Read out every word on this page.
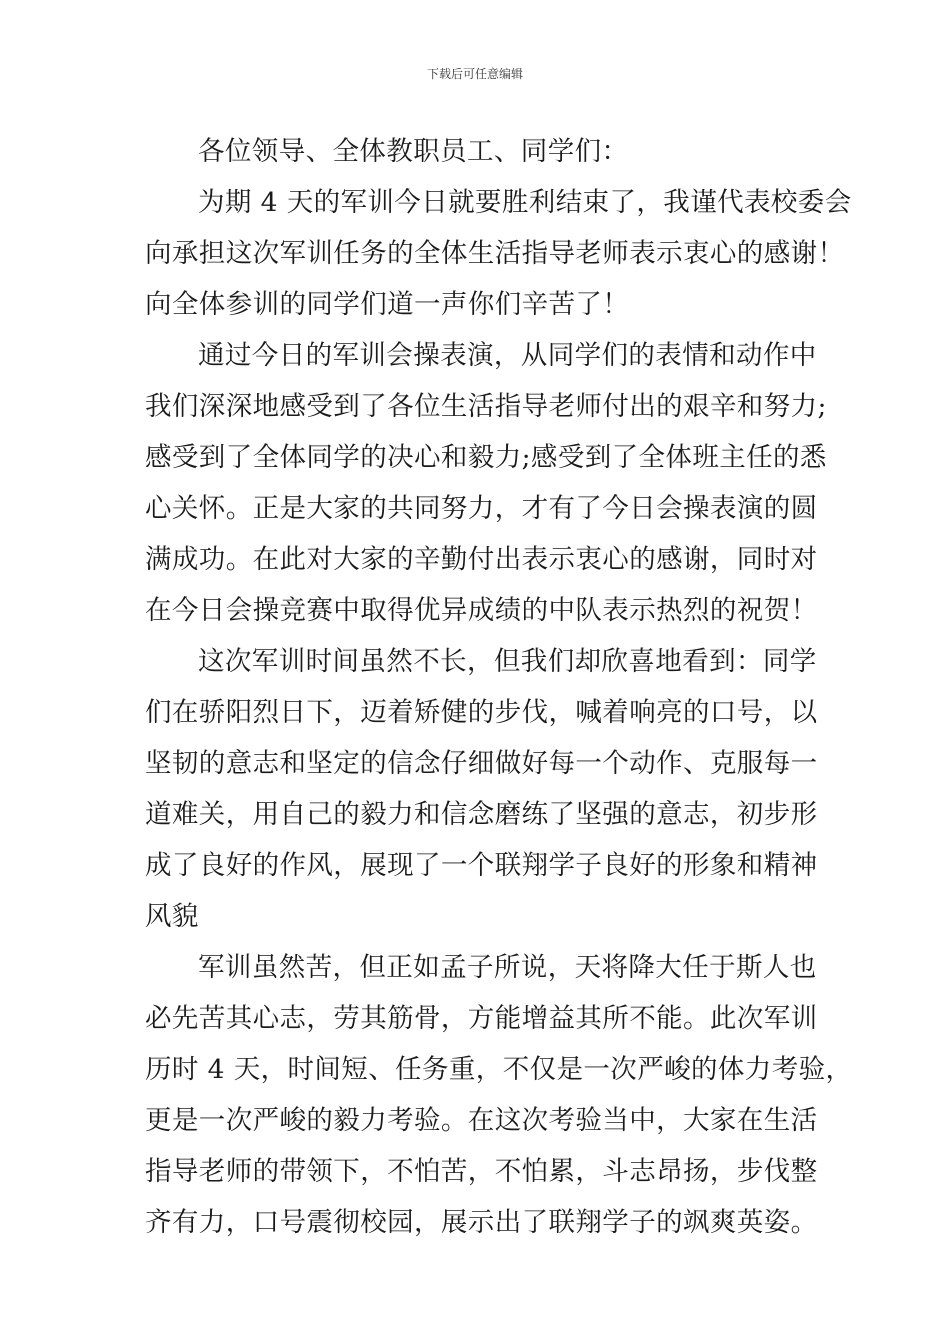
下载后可任意编辑
各位领导、全体教职员工、同学们：
为期 4 天的军训今日就要胜利结束了，我谨代表校委会
向承担这次军训任务的全体生活指导老师表示衷心的感谢！
向全体参训的同学们道一声你们辛苦了！
通过今日的军训会操表演，从同学们的表情和动作中
我们深深地感受到了各位生活指导老师付出的艰辛和努力;
感受到了全体同学的决心和毅力;感受到了全体班主任的悉
心关怀。正是大家的共同努力，才有了今日会操表演的圆
满成功。在此对大家的辛勤付出表示衷心的感谢，同时对
在今日会操竞赛中取得优异成绩的中队表示热烈的祝贺！
这次军训时间虽然不长，但我们却欣喜地看到：同学
们在骄阳烈日下，迈着矫健的步伐，喊着响亮的口号，以
坚韧的意志和坚定的信念仔细做好每一个动作、克服每一
道难关，用自己的毅力和信念磨练了坚强的意志，初步形
成了良好的作风，展现了一个联翔学子良好的形象和精神
风貌
军训虽然苦，但正如孟子所说，天将降大任于斯人也
必先苦其心志，劳其筋骨，方能增益其所不能。此次军训
历时 4 天，时间短、任务重，不仅是一次严峻的体力考验，
更是一次严峻的毅力考验。在这次考验当中，大家在生活
指导老师的带领下，不怕苦，不怕累，斗志昂扬，步伐整
齐有力，口号震彻校园，展示出了联翔学子的飒爽英姿。
